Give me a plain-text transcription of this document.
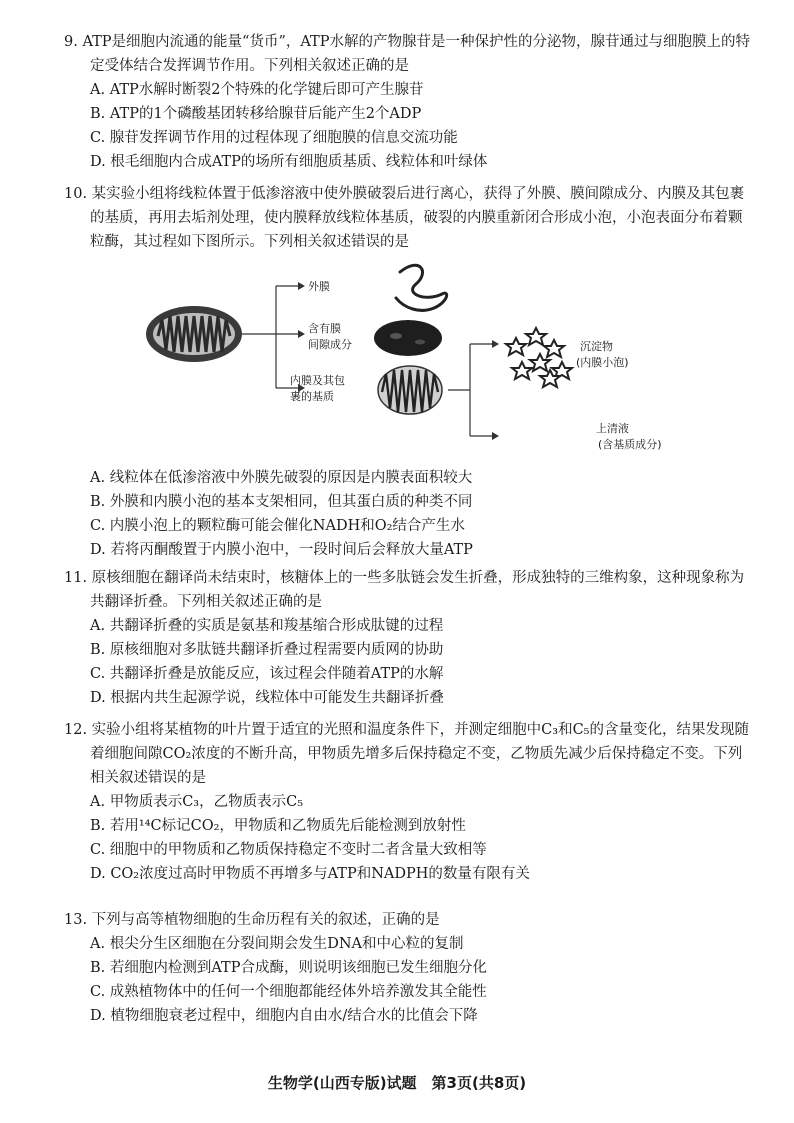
9. ATP是细胞内流通的能量“货币”，ATP水解的产物腺苷是一种保护性的分泌物，腺苷通过与细胞膜上的特定受体结合发挥调节作用。下列相关叙述正确的是
A. ATP水解时断裂2个特殊的化学键后即可产生腺苷
B. ATP的1个磷酸基团转移给腺苷后能产生2个ADP
C. 腺苷发挥调节作用的过程体现了细胞膜的信息交流功能
D. 根毛细胞内合成ATP的场所有细胞质基质、线粒体和叶绿体
10. 某实验小组将线粒体置于低渗溶液中使外膜破裂后进行离心，获得了外膜、膜间隙成分、内膜及其包裹的基质，再用去垢剂处理，使内膜释放线粒体基质，破裂的内膜重新闭合形成小泡，小泡表面分布着颗粒酶，其过程如下图所示。下列相关叙述错误的是
外膜
含有膜
间隙成分
内膜及其包
裹的基质
沉淀物
(内膜小泡)
上清液
(含基质成分)
A. 线粒体在低渗溶液中外膜先破裂的原因是内膜表面积较大
B. 外膜和内膜小泡的基本支架相同，但其蛋白质的种类不同
C. 内膜小泡上的颗粒酶可能会催化NADH和O₂结合产生水
D. 若将丙酮酸置于内膜小泡中，一段时间后会释放大量ATP
11. 原核细胞在翻译尚未结束时，核糖体上的一些多肽链会发生折叠，形成独特的三维构象，这种现象称为共翻译折叠。下列相关叙述正确的是
A. 共翻译折叠的实质是氨基和羧基缩合形成肽键的过程
B. 原核细胞对多肽链共翻译折叠过程需要内质网的协助
C. 共翻译折叠是放能反应，该过程会伴随着ATP的水解
D. 根据内共生起源学说，线粒体中可能发生共翻译折叠
12. 实验小组将某植物的叶片置于适宜的光照和温度条件下，并测定细胞中C₃和C₅的含量变化，结果发现随着细胞间隙CO₂浓度的不断升高，甲物质先增多后保持稳定不变，乙物质先减少后保持稳定不变。下列相关叙述错误的是
A. 甲物质表示C₃，乙物质表示C₅
B. 若用¹⁴C标记CO₂，甲物质和乙物质先后能检测到放射性
C. 细胞中的甲物质和乙物质保持稳定不变时二者含量大致相等
D. CO₂浓度过高时甲物质不再增多与ATP和NADPH的数量有限有关
13. 下列与高等植物细胞的生命历程有关的叙述，正确的是
A. 根尖分生区细胞在分裂间期会发生DNA和中心粒的复制
B. 若细胞内检测到ATP合成酶，则说明该细胞已发生细胞分化
C. 成熟植物体中的任何一个细胞都能经体外培养激发其全能性
D. 植物细胞衰老过程中，细胞内自由水/结合水的比值会下降
生物学(山西专版)试题　第3页(共8页)
